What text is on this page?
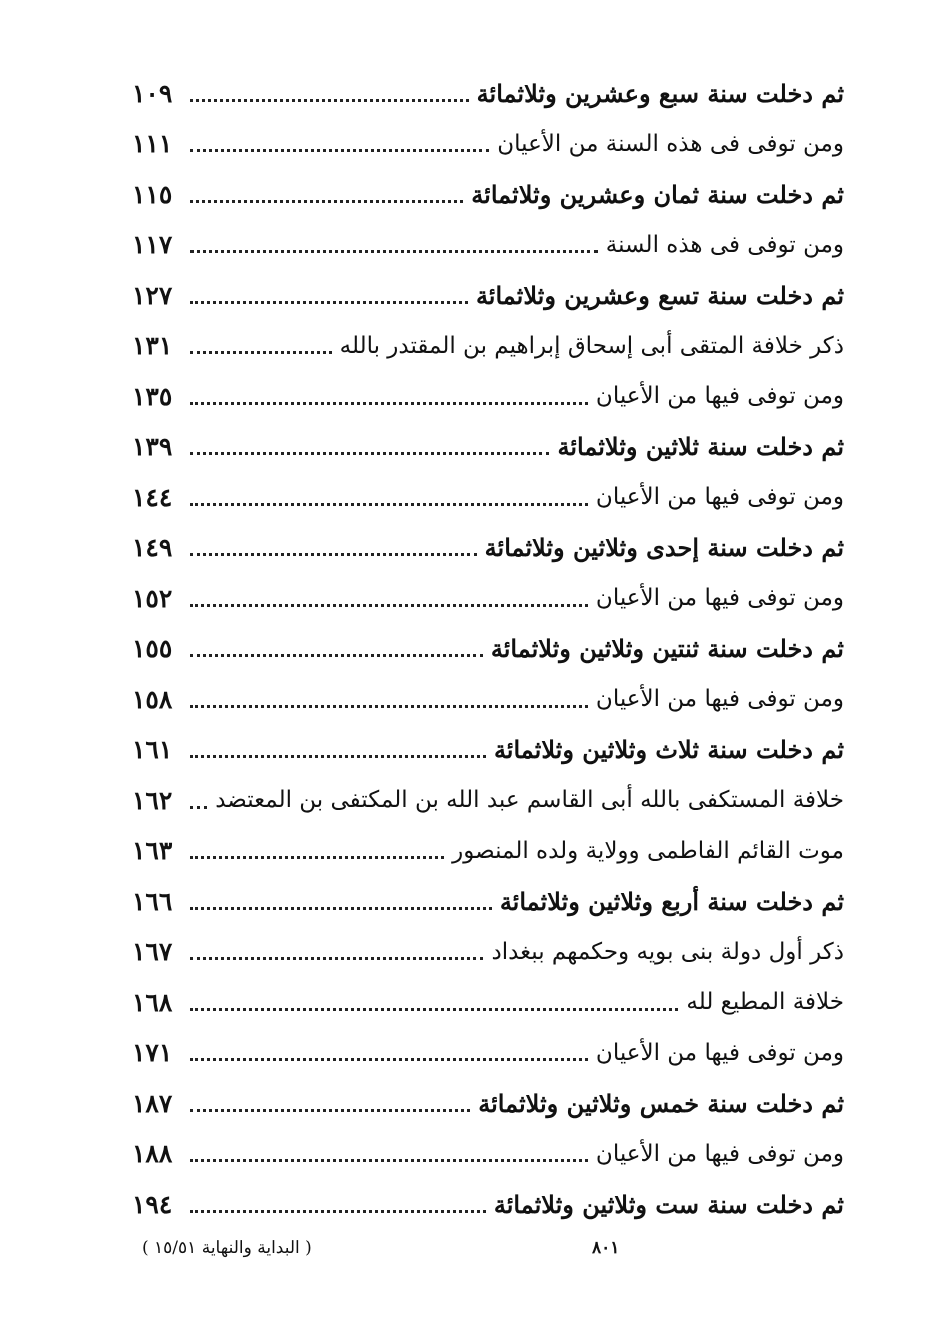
١٠٩	ثم دخلت سنة سبع وعشرين وثلاثمائة
١١١	ومن توفى فى هذه السنة من الأعيان
١١٥	ثم دخلت سنة ثمان وعشرين وثلاثمائة
١١٧	ومن توفى فى هذه السنة
١٢٧	ثم دخلت سنة تسع وعشرين وثلاثمائة
١٣١	ذكر خلافة المتقى أبى إسحاق إبراهيم بن المقتدر بالله
١٣٥	ومن توفى فيها من الأعيان
١٣٩	ثم دخلت سنة ثلاثين وثلاثمائة
١٤٤	ومن توفى فيها من الأعيان
١٤٩	ثم دخلت سنة إحدى وثلاثين وثلاثمائة
١٥٢	ومن توفى فيها من الأعيان
١٥٥	ثم دخلت سنة ثنتين وثلاثين وثلاثمائة
١٥٨	ومن توفى فيها من الأعيان
١٦١	ثم دخلت سنة ثلاث وثلاثين وثلاثمائة
١٦٢	خلافة المستكفى بالله أبى القاسم عبد الله بن المكتفى بن المعتضد
١٦٣	موت القائم الفاطمى وولاية ولده المنصور
١٦٦	ثم دخلت سنة أربع وثلاثين وثلاثمائة
١٦٧	ذكر أول دولة بنى بويه وحكمهم ببغداد
١٦٨	خلافة المطيع لله
١٧١	ومن توفى فيها من الأعيان
١٨٧	ثم دخلت سنة خمس وثلاثين وثلاثمائة
١٨٨	ومن توفى فيها من الأعيان
١٩٤	ثم دخلت سنة ست وثلاثين وثلاثمائة
( البداية والنهاية ١٥/٥١ )	٨٠١
